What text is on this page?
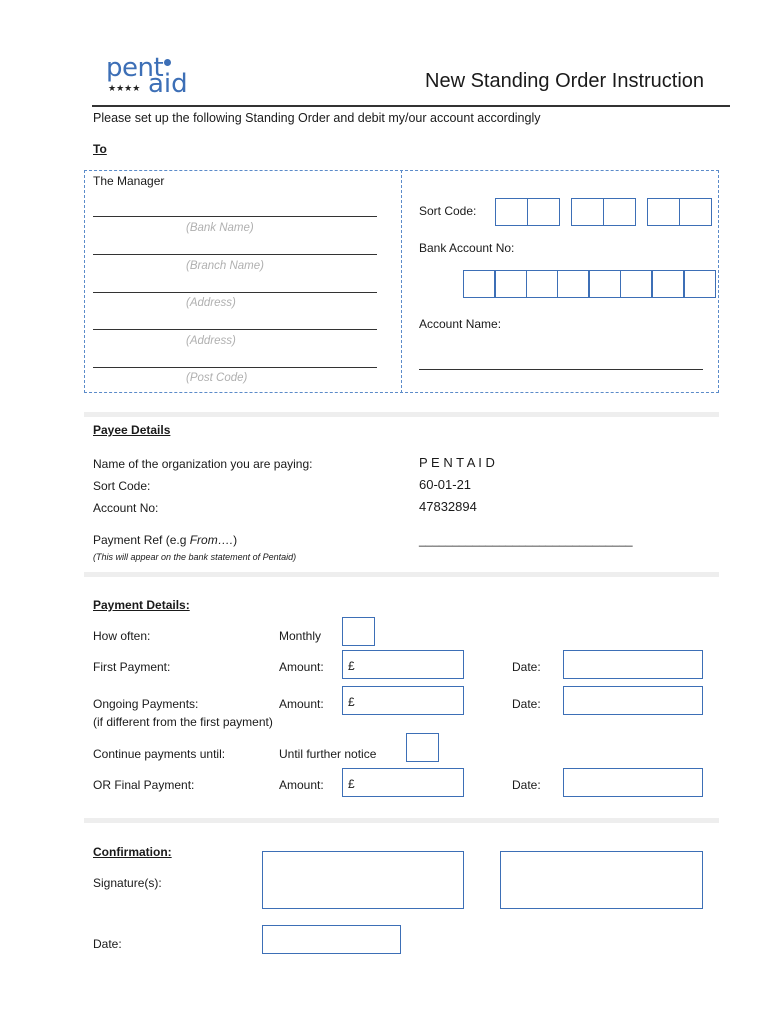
pent
aid
★★★★	New Standing Order Instruction
Please set up the following Standing Order and debit my/our account accordingly
To
The Manager
(Bank Name)
(Branch Name)
(Address)
(Address)
(Post Code)
Sort Code:
Bank Account No:
Account Name:
Payee Details
Name of the organization you are paying:	P E N T A I D
Sort Code:	60-01-21
Account No:	47832894
Payment Ref (e.g From….)
(This will appear on the bank statement of Pentaid)
________________________________
Payment Details:
How often:	Monthly
First Payment:	Amount: £	Date:
Ongoing Payments:
(if different from the first payment)
Amount: £	Date:
Continue payments until:	Until further notice
OR Final Payment:	Amount: £	Date:
Confirmation:
Signature(s):
Date:
